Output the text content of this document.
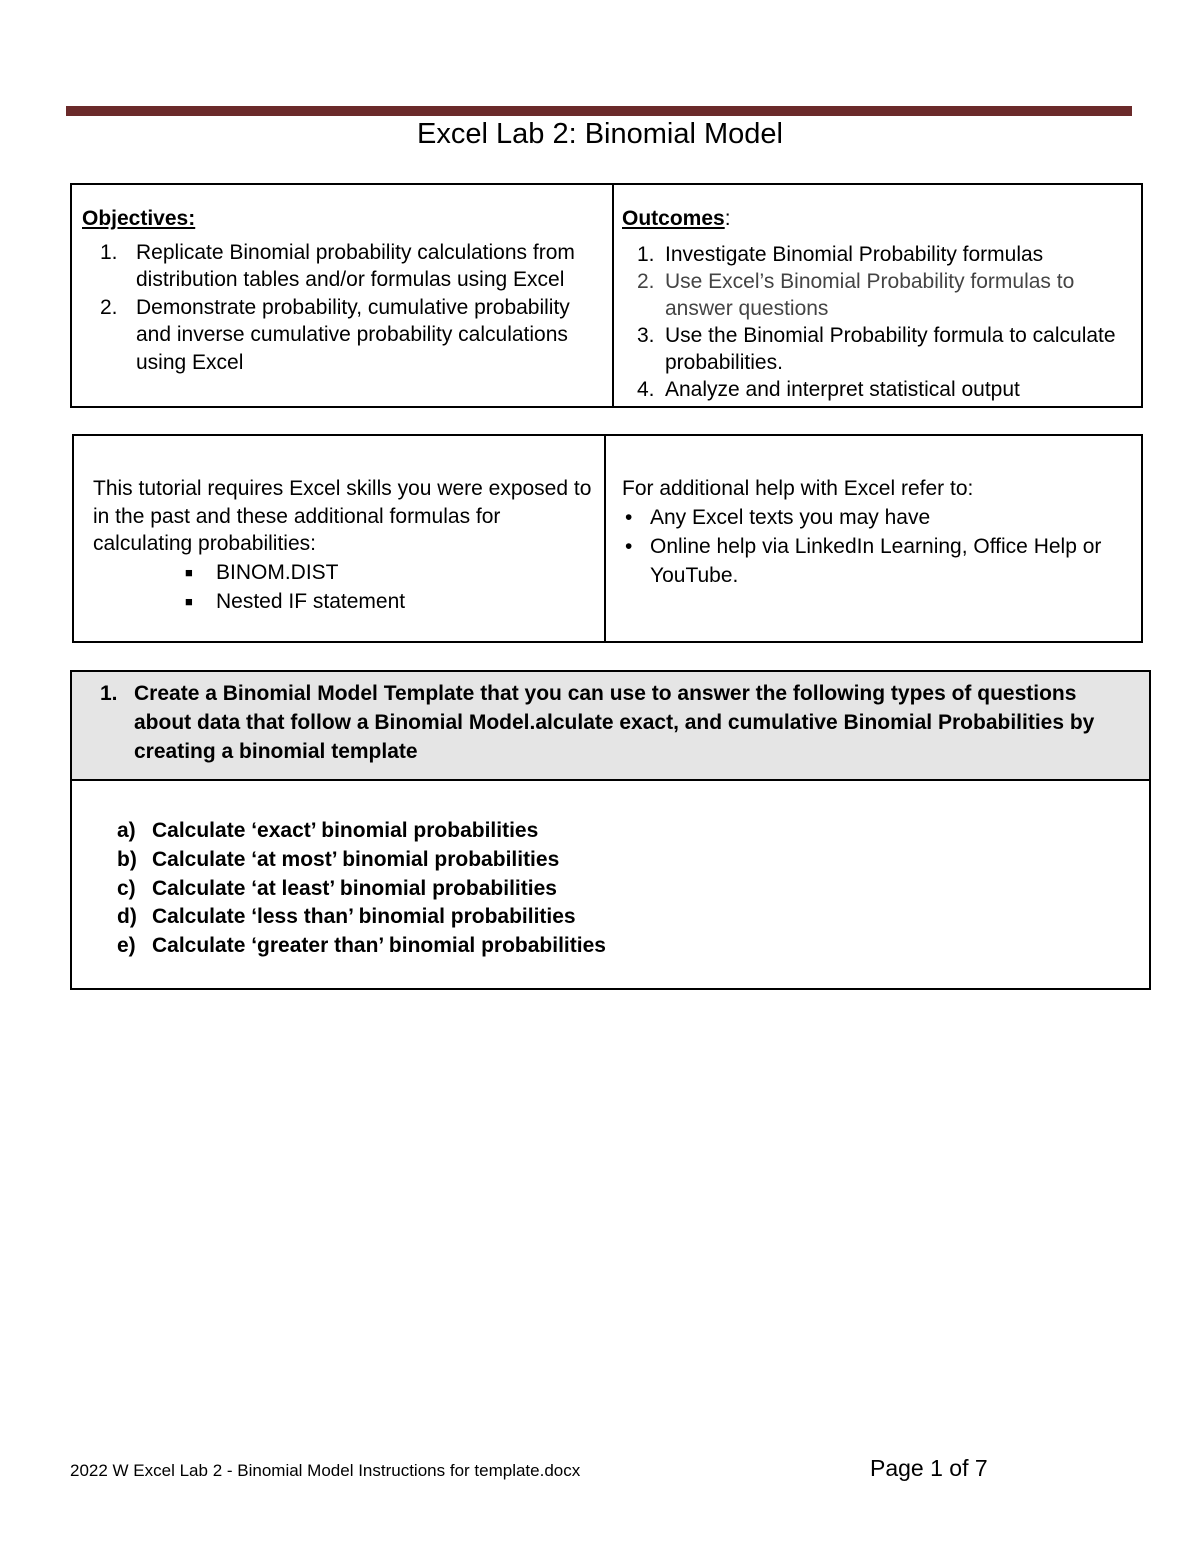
Excel Lab 2: Binomial Model
Objectives:
1. Replicate Binomial probability calculations from distribution tables and/or formulas using Excel
2. Demonstrate probability, cumulative probability and inverse cumulative probability calculations using Excel
Outcomes:
1. Investigate Binomial Probability formulas
2. Use Excel’s Binomial Probability formulas to answer questions
3. Use the Binomial Probability formula to calculate probabilities.
4. Analyze and interpret statistical output
This tutorial requires Excel skills you were exposed to in the past and these additional formulas for calculating probabilities:
■ BINOM.DIST
■ Nested IF statement
For additional help with Excel refer to:
• Any Excel texts you may have
• Online help via LinkedIn Learning, Office Help or YouTube.
1. Create a Binomial Model Template that you can use to answer the following types of questions about data that follow a Binomial Model.alculate exact, and cumulative Binomial Probabilities by creating a binomial template
a) Calculate ‘exact’ binomial probabilities
b) Calculate ‘at most’ binomial probabilities
c) Calculate ‘at least’ binomial probabilities
d) Calculate ‘less than’ binomial probabilities
e) Calculate ‘greater than’ binomial probabilities
2022 W Excel Lab 2 - Binomial Model Instructions for template.docx	Page 1 of 7
